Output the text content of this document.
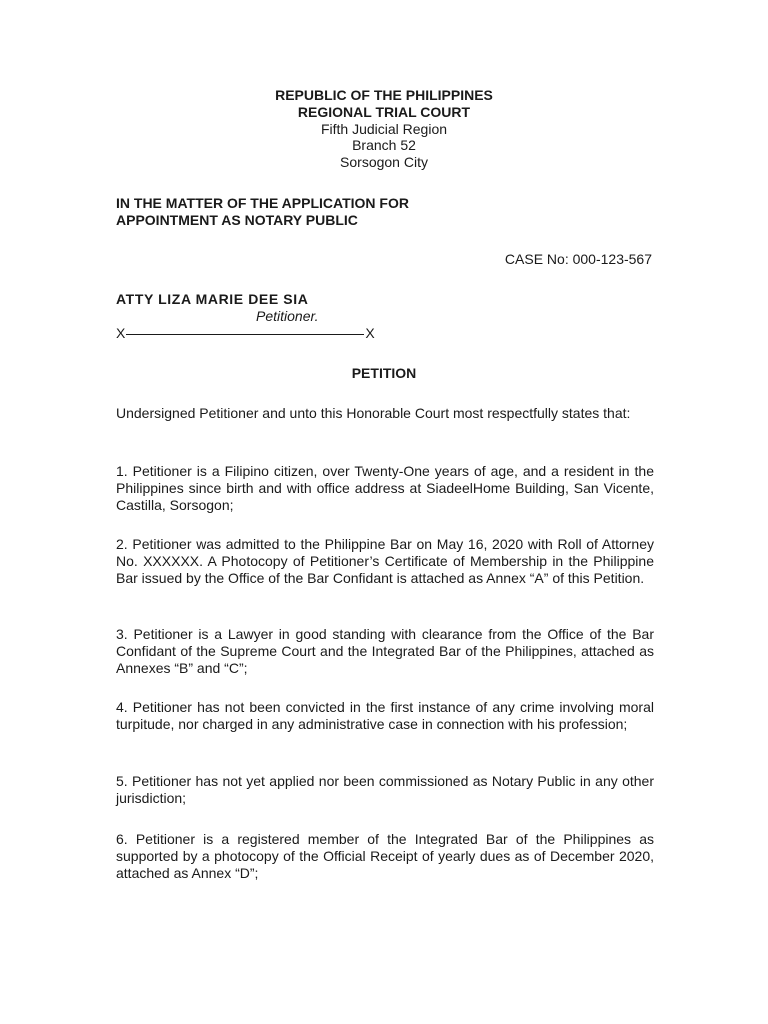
REPUBLIC OF THE PHILIPPINES
REGIONAL TRIAL COURT
Fifth Judicial Region
Branch 52
Sorsogon City
IN THE MATTER OF THE APPLICATION FOR
APPOINTMENT AS NOTARY PUBLIC
CASE No: 000-123-567
ATTY LIZA MARIE DEE SIA
Petitioner.
X	X
PETITION
Undersigned Petitioner and unto this Honorable Court most respectfully states that:
1. Petitioner is a Filipino citizen, over Twenty-One years of age, and a resident in the Philippines since birth and with office address at SiadeelHome Building, San Vicente, Castilla, Sorsogon;
2. Petitioner was admitted to the Philippine Bar on May 16, 2020 with Roll of Attorney No. XXXXXX. A Photocopy of Petitioner’s Certificate of Membership in the Philippine Bar issued by the Office of the Bar Confidant is attached as Annex “A” of this Petition.
3. Petitioner is a Lawyer in good standing with clearance from the Office of the Bar Confidant of the Supreme Court and the Integrated Bar of the Philippines, attached as Annexes “B” and “C”;
4. Petitioner has not been convicted in the first instance of any crime involving moral turpitude, nor charged in any administrative case in connection with his profession;
5. Petitioner has not yet applied nor been commissioned as Notary Public in any other jurisdiction;
6. Petitioner is a registered member of the Integrated Bar of the Philippines as supported by a photocopy of the Official Receipt of yearly dues as of December 2020, attached as Annex “D”;
